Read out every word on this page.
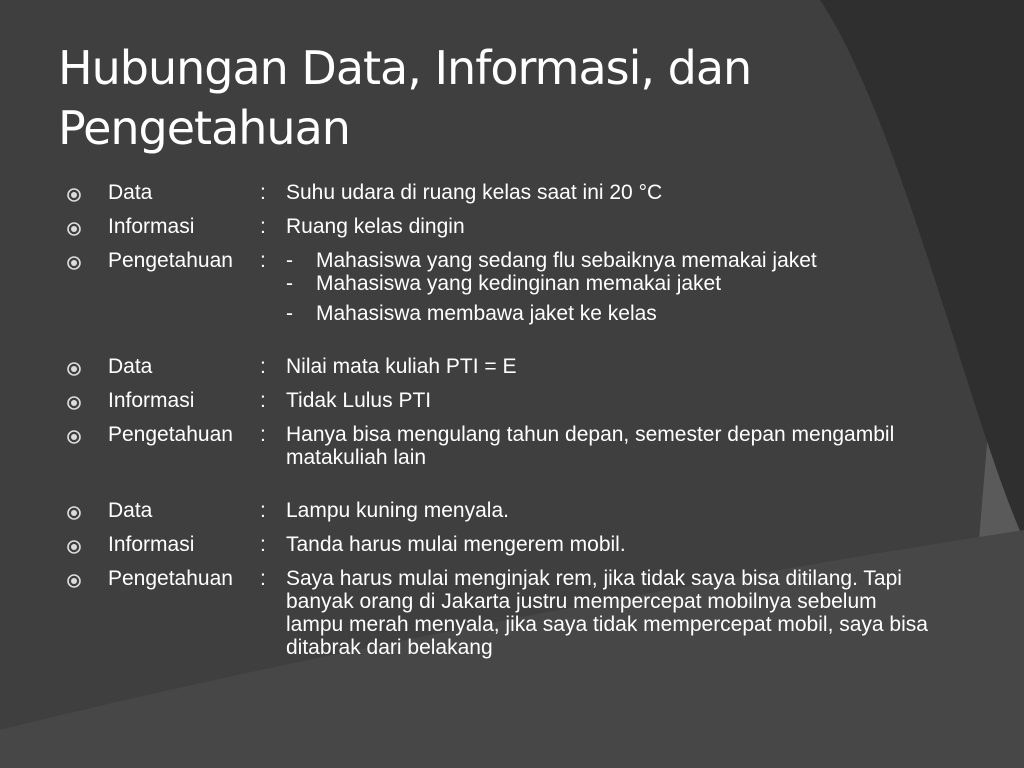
Hubungan Data, Informasi, dan Pengetahuan
Data	: Suhu udara di ruang kelas saat ini 20 °C
Informasi	: Ruang kelas dingin
Pengetahuan	: -	Mahasiswa yang sedang flu sebaiknya memakai jaket
-	Mahasiswa yang kedinginan memakai jaket
-	Mahasiswa membawa jaket ke kelas
Data	: Nilai mata kuliah PTI = E
Informasi	: Tidak Lulus PTI
Pengetahuan	: Hanya bisa mengulang tahun depan, semester depan mengambil matakuliah lain
Data	: Lampu kuning menyala.
Informasi	: Tanda harus mulai mengerem mobil.
Pengetahuan	: Saya harus mulai menginjak rem, jika tidak saya bisa ditilang. Tapi banyak orang di Jakarta justru mempercepat mobilnya sebelum lampu merah menyala, jika saya tidak mempercepat mobil, saya bisa ditabrak dari belakang
